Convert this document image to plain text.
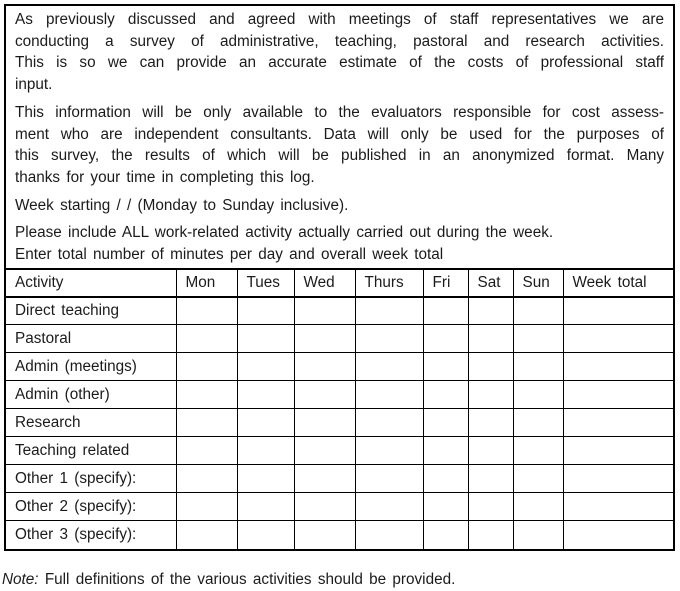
As previously discussed and agreed with meetings of staff representatives we are
conducting a survey of administrative, teaching, pastoral and research activities.
This is so we can provide an accurate estimate of the costs of professional staff
input.
This information will be only available to the evaluators responsible for cost assess-
ment who are independent consultants. Data will only be used for the purposes of
this survey, the results of which will be published in an anonymized format. Many
thanks for your time in completing this log.
Week starting / / (Monday to Sunday inclusive).
Please include ALL work-related activity actually carried out during the week.
Enter total number of minutes per day and overall week total
Activity	Mon	Tues	Wed	Thurs	Fri	Sat	Sun	Week total
Direct teaching								
Pastoral								
Admin (meetings)								
Admin (other)								
Research								
Teaching related								
Other 1 (specify):								
Other 2 (specify):								
Other 3 (specify):								
Note: Full definitions of the various activities should be provided.
